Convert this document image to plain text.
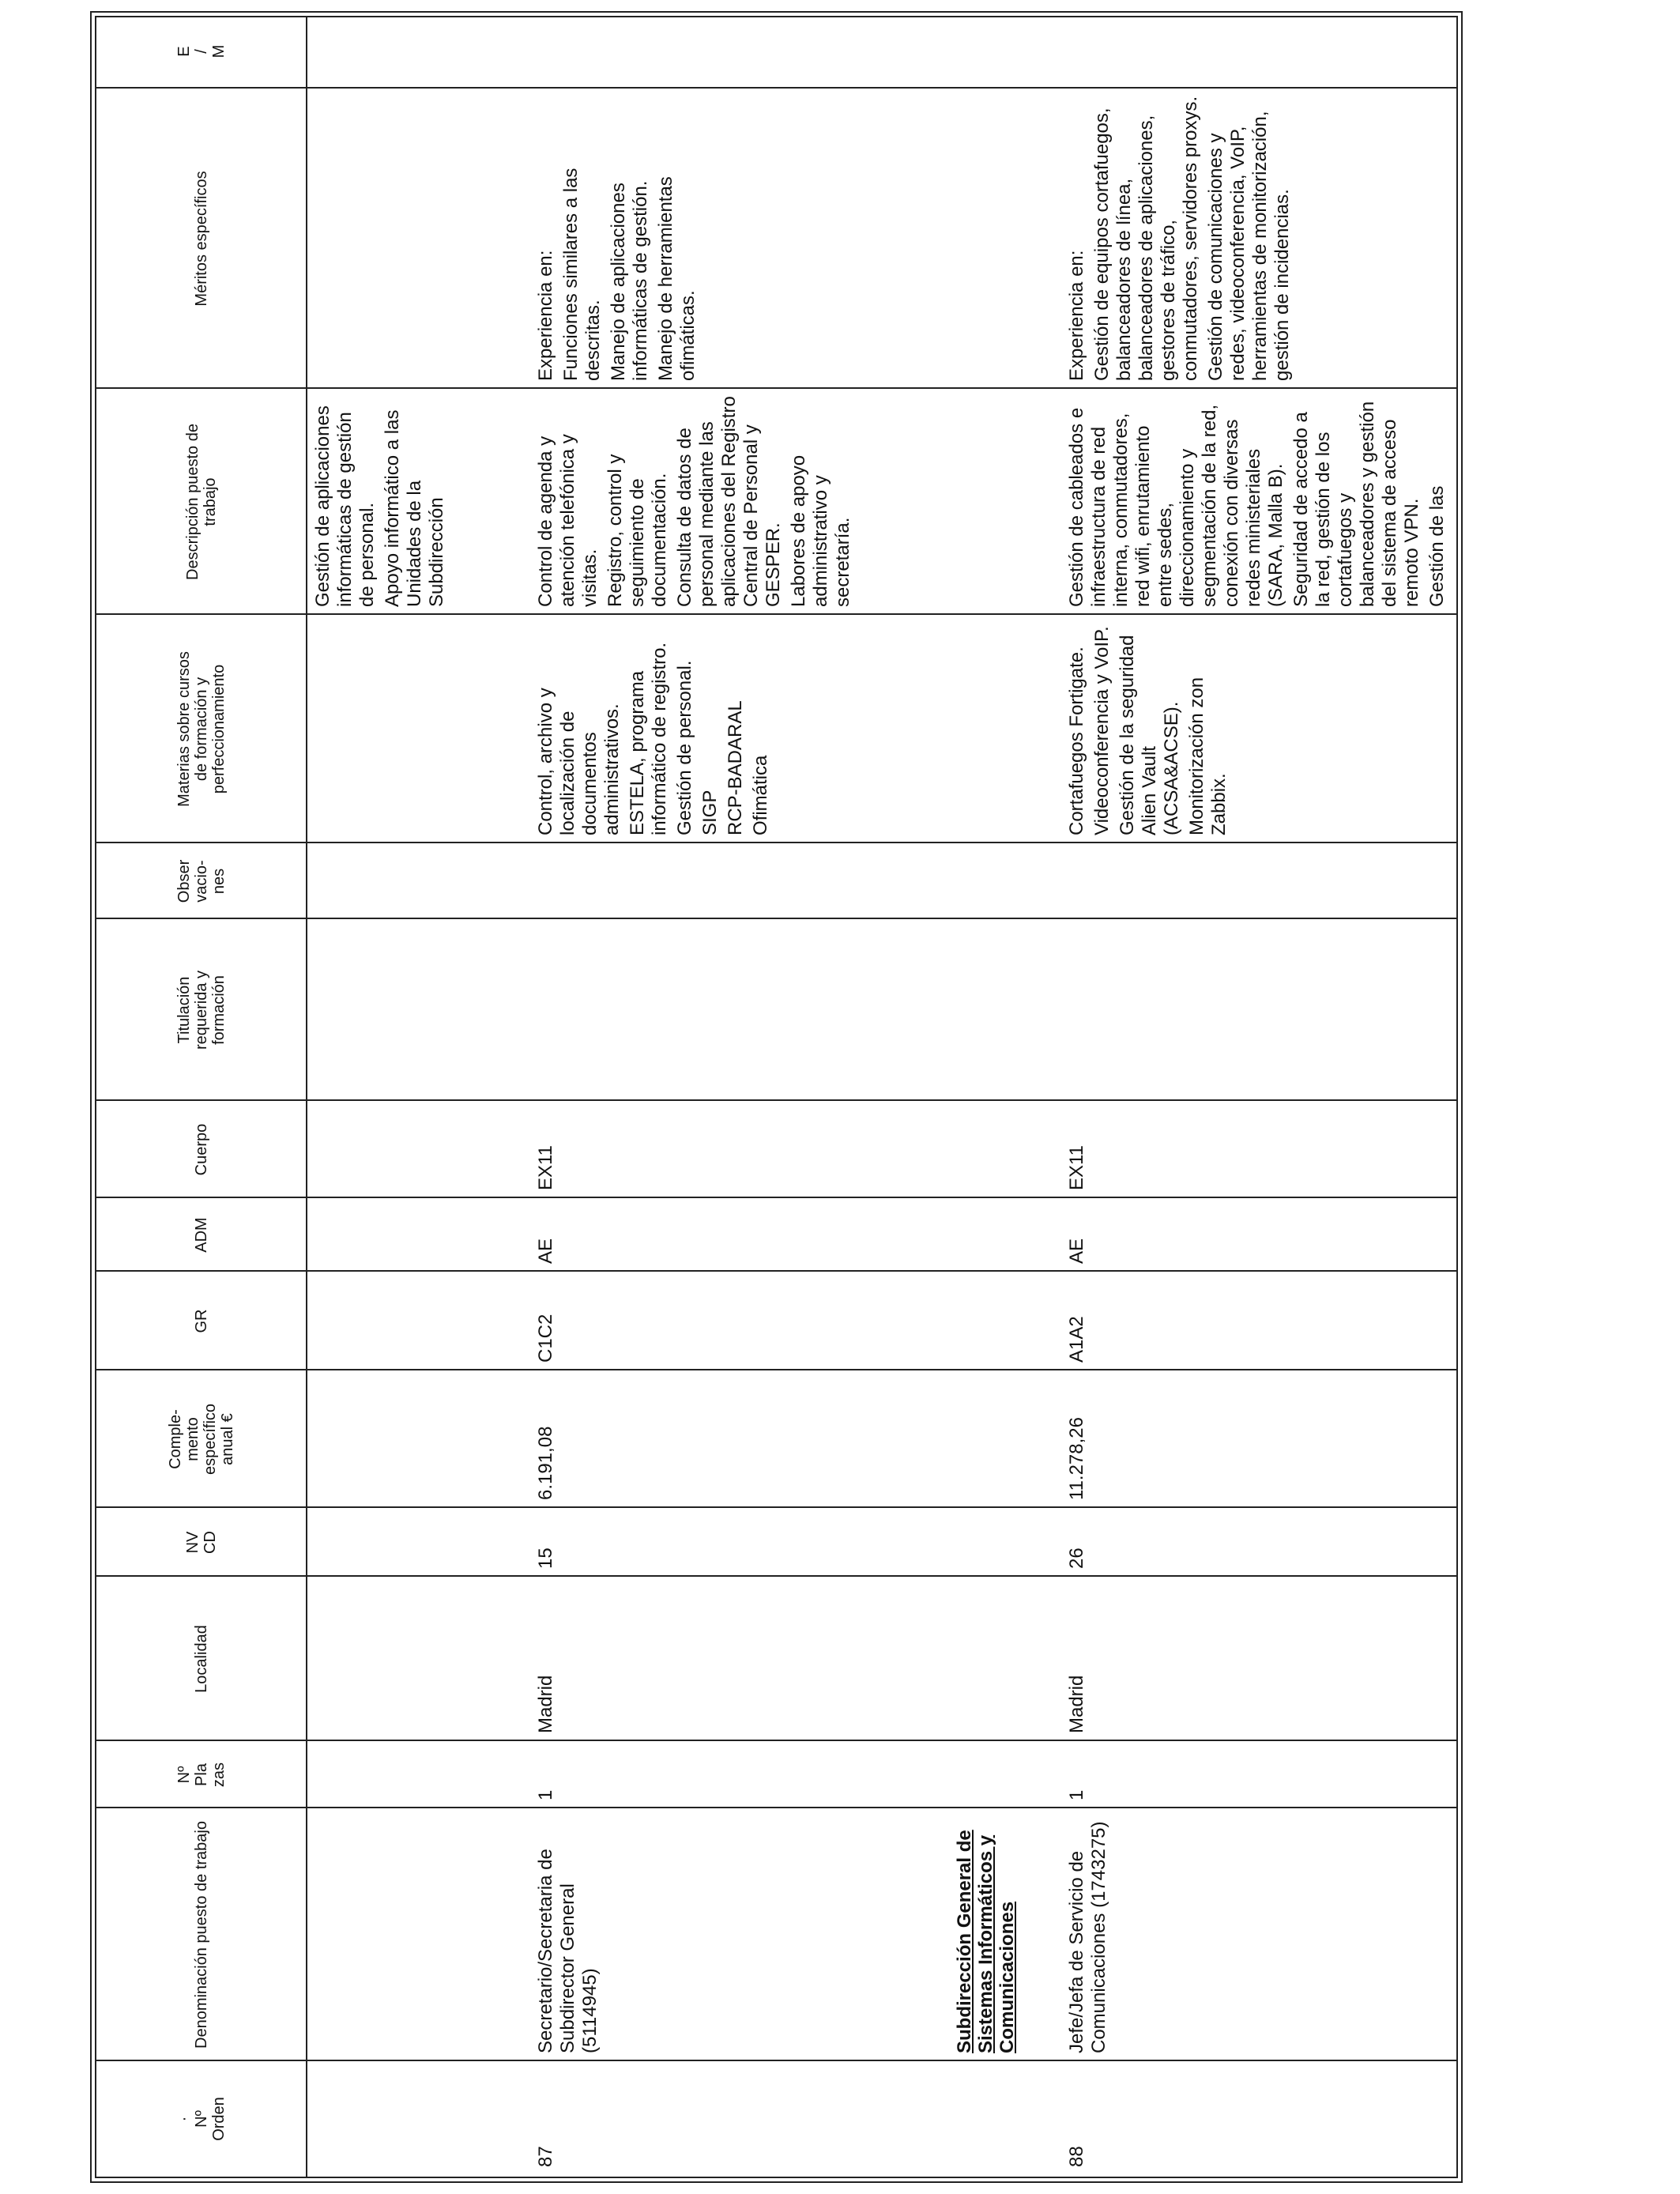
· Nº Orden
Denominación puesto de trabajo
Nº Pla zas
Localidad
NV CD
Comple- mento específico anual €
GR
ADM
Cuerpo
Titulación requerida y formación
Obser vacio- nes
Materias sobre cursos de formación y perfeccionamiento
Descripción puesto de trabajo
Méritos específicos
E / M

Gestión de aplicaciones informáticas de gestión de personal. Apoyo informático a las Unidades de la Subdirección

87
Secretario/Secretaria de Subdirector General (5114945)
1
Madrid
15
6.191,08
C1C2
AE
EX11

Control, archivo y localización de documentos administrativos. ESTELA, programa informático de registro. Gestión de personal. SIGP RCP-BADARAL Ofimática

Control de agenda y atención telefónica y visitas. Registro, control y seguimiento de documentación. Consulta de datos de personal mediante las aplicaciones del Registro Central de Personal y GESPER. Labores de apoyo administrativo y secretaría.

Experiencia en: Funciones similares a las descritas. Manejo de aplicaciones informáticas de gestión. Manejo de herramientas ofimáticas.

Subdirección General de Sistemas Informáticos y Comunicaciones
88
Jefe/Jefa de Servicio de Comunicaciones (1743275)
1
Madrid
26
11.278,26
A1A2
AE
EX11

Cortafuegos Fortigate. Videoconferencia y VoIP. Gestión de la seguridad Alien Vault (ACSA&ACSE). Monitorización zon Zabbix.

Gestión de cableados e infraestructura de red interna, conmutadores, red wifi, enrutamiento entre sedes, direccionamiento y segmentación de la red, conexión con diversas redes ministeriales (SARA, Malla B). Seguridad de accedo a la red, gestión de los cortafuegos y balanceadores y gestión del sistema de acceso remoto VPN. Gestión de las

Experiencia en: Gestión de equipos cortafuegos, balanceadores de línea, balanceadores de aplicaciones, gestores de tráfico, conmutadores, servidores proxys. Gestión de comunicaciones y redes, videoconferencia, VoIP, herramientas de monitorización, gestión de incidencias.
